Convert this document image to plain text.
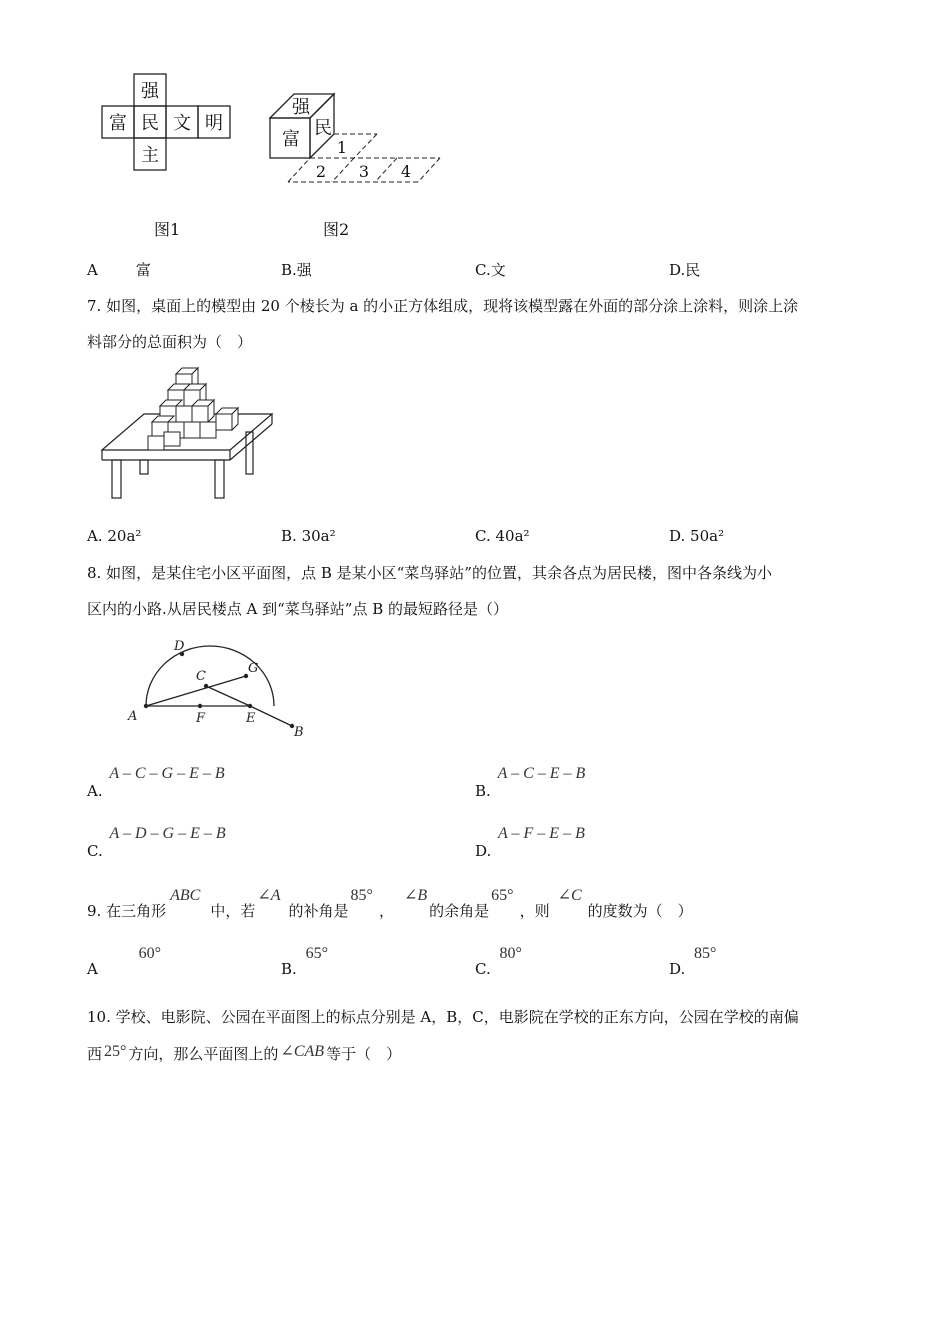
强
富 民 文 明
主
强
富
民
1
2 3 4
图1	图2
A	富	B.强	C.文	D.民
7. 如图，桌面上的模型由 20 个棱长为 a 的小正方体组成，现将该模型露在外面的部分涂上涂料，则涂上涂
料部分的总面积为（　）
A. 20a²	B. 30a²	C. 40a²	D. 50a²
8. 如图，是某住宅小区平面图，点 B 是某小区“菜鸟驿站”的位置，其余各点为居民楼，图中各条线为小
区内的小路.从居民楼点 A 到“菜鸟驿站”点 B 的最短路径是（）
D
C
G
A	F	E
B
A. A – C – G – E – B
B. A – C – E – B
C. A – D – G – E – B
D. A – F – E – B
9. 在三角形ABC中，若∠A的补角是85°，∠B的余角是65°，则∠C的度数为（　）
A 60°
B. 65°
C. 80°
D. 85°
10. 学校、电影院、公园在平面图上的标点分别是 A，B，C，电影院在学校的正东方向，公园在学校的南偏
西 25° 方向，那么平面图上的 ∠CAB 等于（　）
